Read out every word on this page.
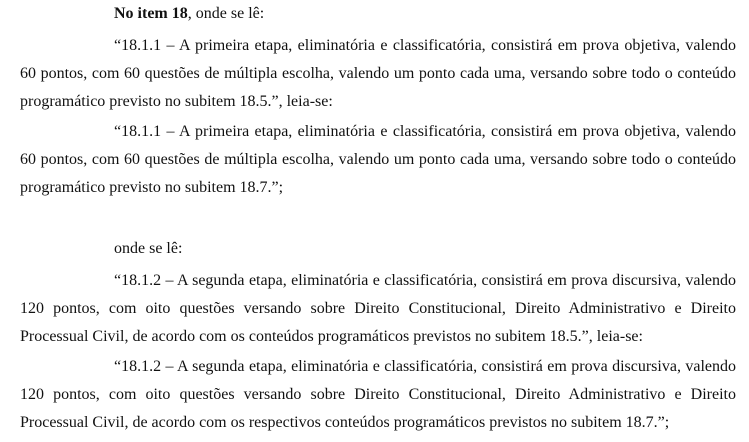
No item 18, onde se lê:
“18.1.1 – A primeira etapa, eliminatória e classificatória, consistirá em prova objetiva, valendo
60 pontos, com 60 questões de múltipla escolha, valendo um ponto cada uma, versando sobre todo o conteúdo
programático previsto no subitem 18.5.”, leia-se:
“18.1.1 – A primeira etapa, eliminatória e classificatória, consistirá em prova objetiva, valendo
60 pontos, com 60 questões de múltipla escolha, valendo um ponto cada uma, versando sobre todo o conteúdo
programático previsto no subitem 18.7.”;
onde se lê:
“18.1.2 – A segunda etapa, eliminatória e classificatória, consistirá em prova discursiva, valendo
120 pontos, com oito questões versando sobre Direito Constitucional, Direito Administrativo e Direito
Processual Civil, de acordo com os conteúdos programáticos previstos no subitem 18.5.”, leia-se:
“18.1.2 – A segunda etapa, eliminatória e classificatória, consistirá em prova discursiva, valendo
120 pontos, com oito questões versando sobre Direito Constitucional, Direito Administrativo e Direito
Processual Civil, de acordo com os respectivos conteúdos programáticos previstos no subitem 18.7.”;
